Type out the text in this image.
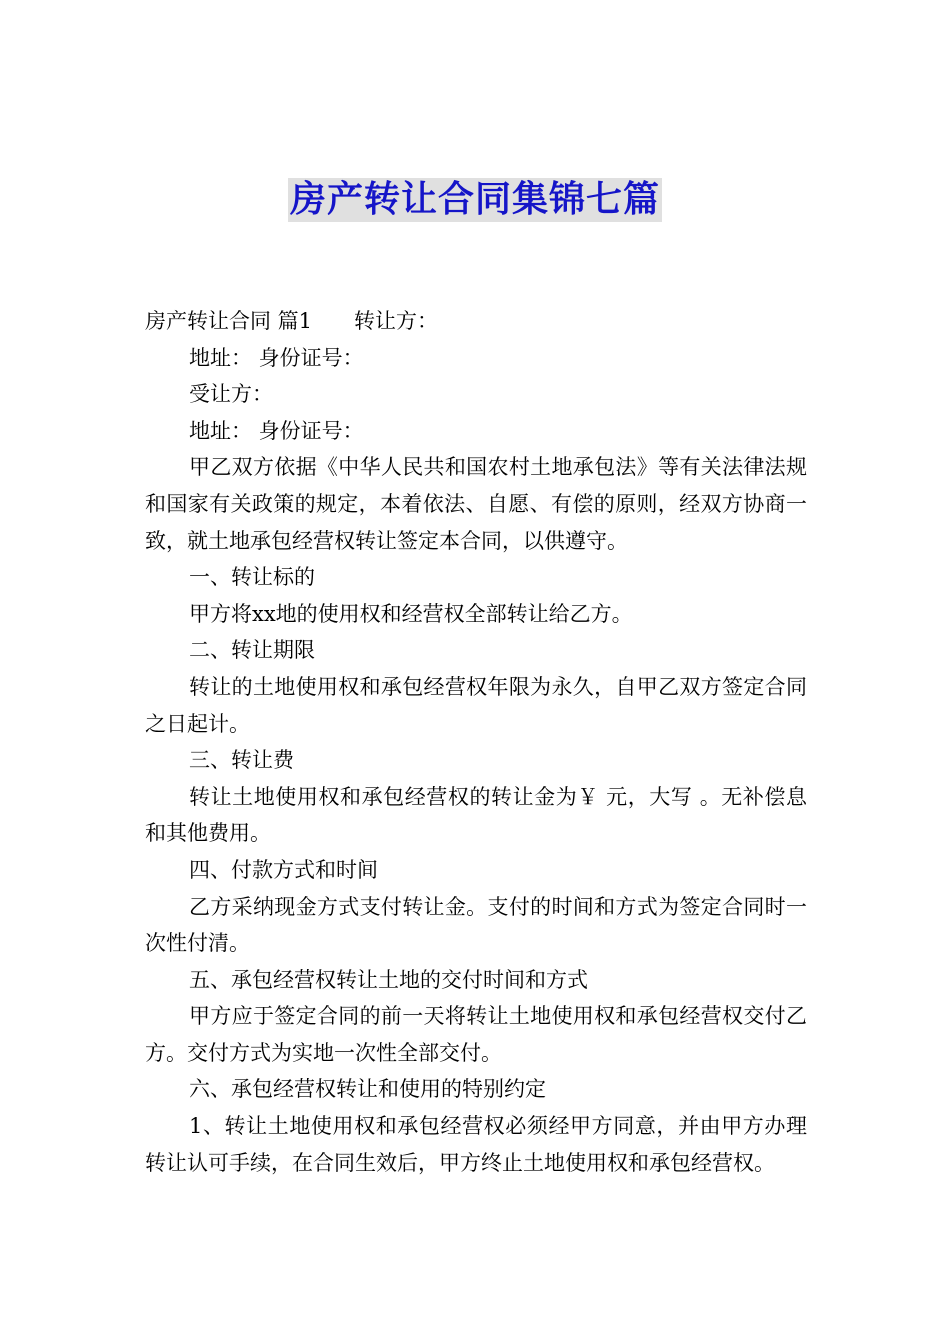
房产转让合同集锦七篇
房产转让合同 篇1 转让方：
地址： 身份证号：
受让方：
地址： 身份证号：
甲乙双方依据《中华人民共和国农村土地承包法》等有关法律法规和国家有关政策的规定，本着依法、自愿、有偿的原则，经双方协商一致，就土地承包经营权转让签定本合同，以供遵守。
一、转让标的
甲方将xx地的使用权和经营权全部转让给乙方。
二、转让期限
转让的土地使用权和承包经营权年限为永久，自甲乙双方签定合同之日起计。
三、转让费
转让土地使用权和承包经营权的转让金为￥ 元，大写 。无补偿息和其他费用。
四、付款方式和时间
乙方采纳现金方式支付转让金。支付的时间和方式为签定合同时一次性付清。
五、承包经营权转让土地的交付时间和方式
甲方应于签定合同的前一天将转让土地使用权和承包经营权交付乙方。交付方式为实地一次性全部交付。
六、承包经营权转让和使用的特别约定
1、转让土地使用权和承包经营权必须经甲方同意，并由甲方办理转让认可手续，在合同生效后，甲方终止土地使用权和承包经营权。
